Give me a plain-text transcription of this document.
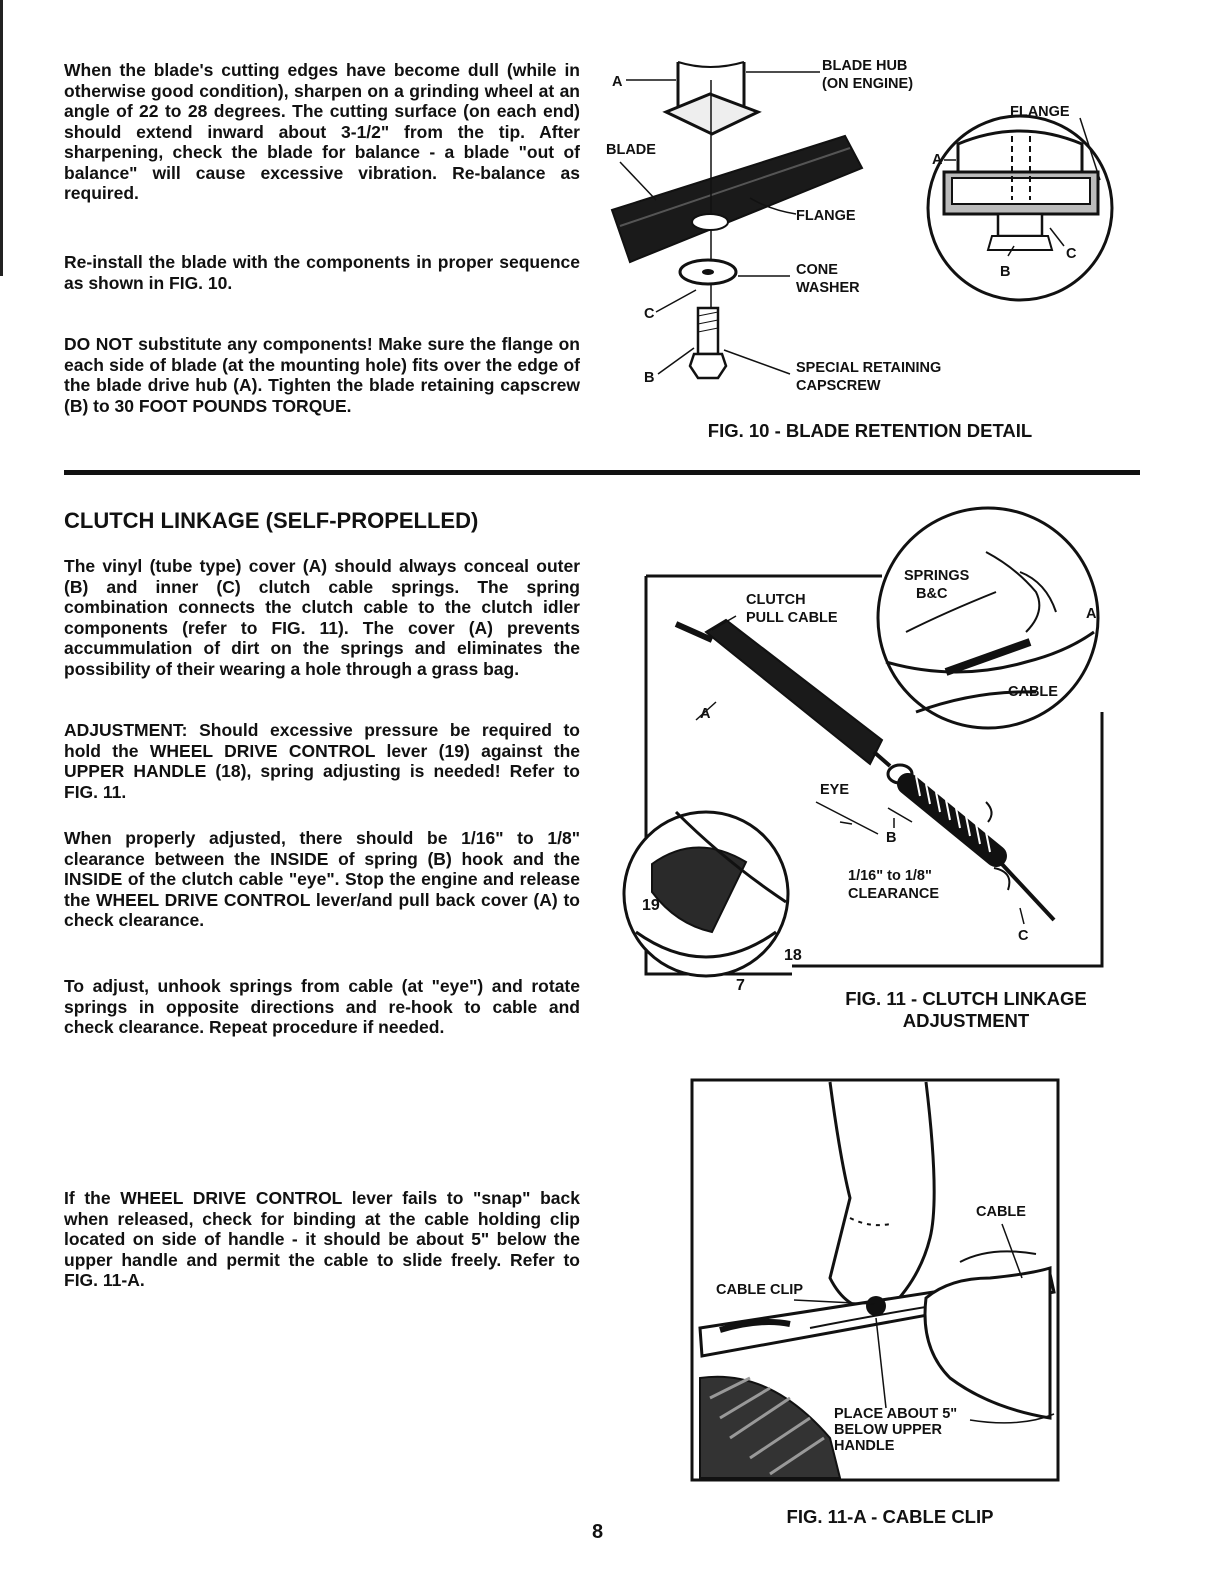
When the blade's cutting edges have become dull (while in otherwise good condition), sharpen on a grinding wheel at an angle of 22 to 28 degrees. The cutting surface (on each end) should extend inward about 3-1/2" from the tip. After sharpening, check the blade for balance - a blade "out of balance" will cause excessive vibration. Re-balance as required.

Re-install the blade with the components in proper sequence as shown in FIG. 10.

DO NOT substitute any components! Make sure the flange on each side of blade (at the mounting hole) fits over the edge of the blade drive hub (A). Tighten the blade retaining capscrew (B) to 30 FOOT POUNDS TORQUE.

A
BLADE HUB
(ON ENGINE)
BLADE
FLANGE
CONE
WASHER
C
B
SPECIAL RETAINING
CAPSCREW
FLANGE
A
B
C

FIG. 10 - BLADE RETENTION DETAIL

CLUTCH LINKAGE (SELF-PROPELLED)

The vinyl (tube type) cover (A) should always conceal outer (B) and inner (C) clutch cable springs. The spring combination connects the clutch cable to the clutch idler components (refer to FIG. 11). The cover (A) prevents accummulation of dirt on the springs and eliminates the possibility of their wearing a hole through a grass bag.

ADJUSTMENT: Should excessive pressure be required to hold the WHEEL DRIVE CONTROL lever (19) against the UPPER HANDLE (18), spring adjusting is needed! Refer to FIG. 11.

When properly adjusted, there should be 1/16" to 1/8" clearance between the INSIDE of spring (B) hook and the INSIDE of the clutch cable "eye". Stop the engine and release the WHEEL DRIVE CONTROL lever/and pull back cover (A) to check clearance.

To adjust, unhook springs from cable (at "eye") and rotate springs in opposite directions and re-hook to cable and check clearance. Repeat procedure if needed.

If the WHEEL DRIVE CONTROL lever fails to "snap" back when released, check for binding at the cable holding clip located on side of handle - it should be about 5" below the upper handle and permit the cable to slide freely. Refer to FIG. 11-A.

CLUTCH
PULL CABLE
SPRINGS
B&C
A
CABLE
A
EYE
B
1/16" to 1/8"
CLEARANCE
C
19
18
7

FIG. 11 - CLUTCH LINKAGE
ADJUSTMENT

CABLE
CABLE CLIP
PLACE ABOUT 5"
BELOW UPPER
HANDLE

FIG. 11-A - CABLE CLIP

8
